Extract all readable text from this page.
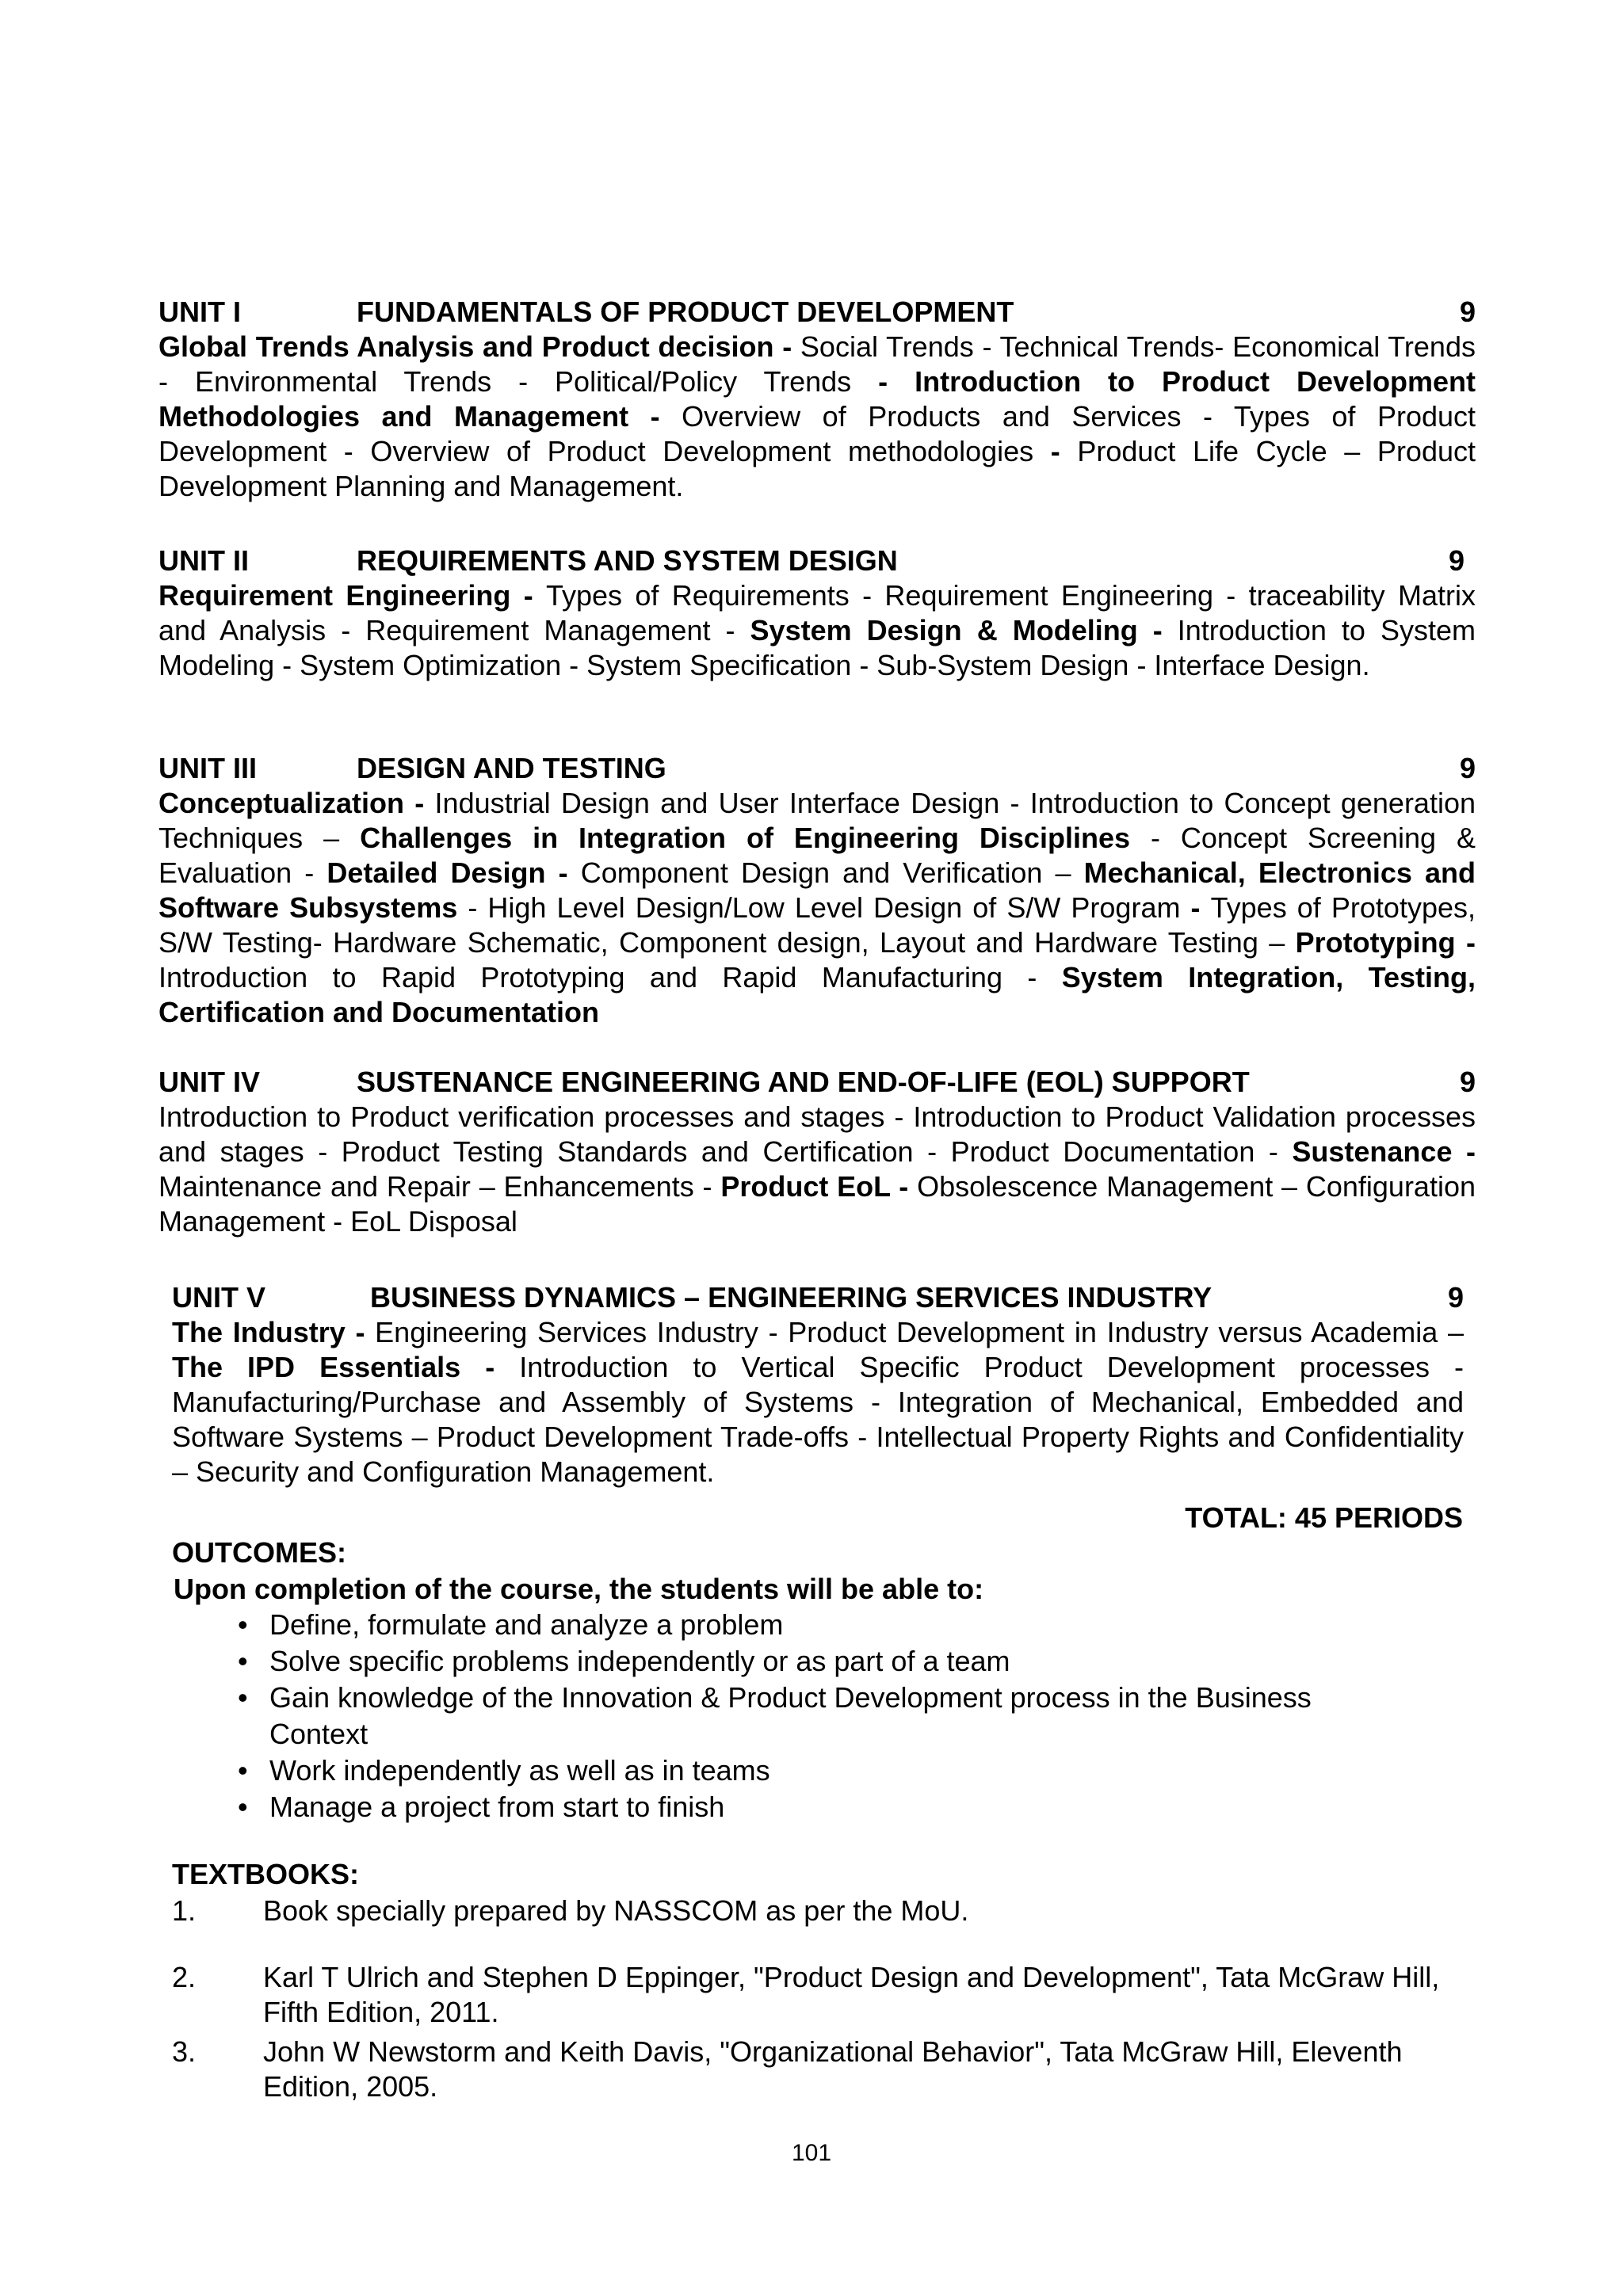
UNIT I	FUNDAMENTALS OF PRODUCT DEVELOPMENT	9

Global Trends Analysis and Product decision - Social Trends - Technical Trends- Economical Trends - Environmental Trends - Political/Policy Trends - Introduction to Product Development Methodologies and Management - Overview of Products and Services - Types of Product Development - Overview of Product Development methodologies - Product Life Cycle – Product Development Planning and Management.

UNIT II	REQUIREMENTS AND SYSTEM DESIGN	9

Requirement Engineering - Types of Requirements - Requirement Engineering - traceability Matrix and Analysis - Requirement Management - System Design & Modeling - Introduction to System Modeling - System Optimization - System Specification - Sub-System Design - Interface Design.

UNIT III	DESIGN AND TESTING	9

Conceptualization - Industrial Design and User Interface Design - Introduction to Concept generation Techniques – Challenges in Integration of Engineering Disciplines - Concept Screening & Evaluation - Detailed Design - Component Design and Verification – Mechanical, Electronics and Software Subsystems - High Level Design/Low Level Design of S/W Program - Types of Prototypes, S/W Testing- Hardware Schematic, Component design, Layout and Hardware Testing – Prototyping - Introduction to Rapid Prototyping and Rapid Manufacturing - System Integration, Testing, Certification and Documentation

UNIT IV	SUSTENANCE ENGINEERING AND END-OF-LIFE (EOL) SUPPORT	9

Introduction to Product verification processes and stages - Introduction to Product Validation processes and stages - Product Testing Standards and Certification - Product Documentation - Sustenance -Maintenance and Repair – Enhancements - Product EoL - Obsolescence Management – Configuration Management - EoL Disposal

UNIT V	BUSINESS DYNAMICS – ENGINEERING SERVICES INDUSTRY	9

The Industry - Engineering Services Industry - Product Development in Industry versus Academia –The IPD Essentials - Introduction to Vertical Specific Product Development processes -Manufacturing/Purchase and Assembly of Systems - Integration of Mechanical, Embedded and Software Systems – Product Development Trade-offs - Intellectual Property Rights and Confidentiality – Security and Configuration Management.

TOTAL: 45 PERIODS
OUTCOMES:
Upon completion of the course, the students will be able to:
• Define, formulate and analyze a problem
• Solve specific problems independently or as part of a team
• Gain knowledge of the Innovation & Product Development process in the Business Context
• Work independently as well as in teams
• Manage a project from start to finish
TEXTBOOKS:
1. Book specially prepared by NASSCOM as per the MoU.
2. Karl T Ulrich and Stephen D Eppinger, "Product Design and Development", Tata McGraw Hill, Fifth Edition, 2011.
3. John W Newstorm and Keith Davis, "Organizational Behavior", Tata McGraw Hill, Eleventh Edition, 2005.
101
